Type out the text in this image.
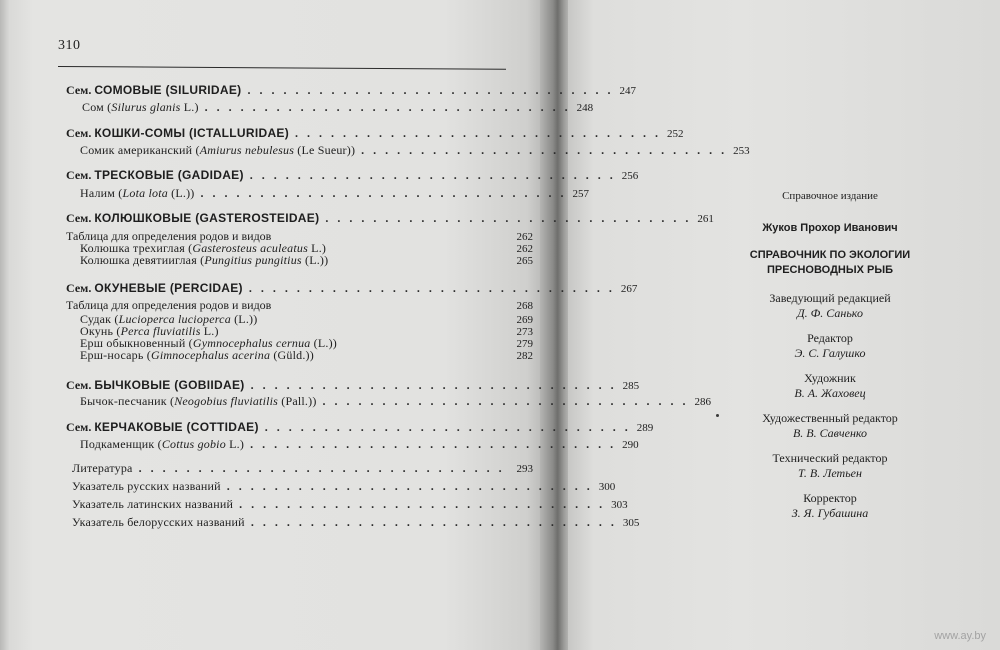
310
Сем. СОМОВЫЕ (SILURIDAE) . . . . . . . . . . . . . . . . . . . . . . . . . . . . . . . 247
Сом (Silurus glanis L.) . . . . . . . . . . . . . . . . . . . . . . . . . . . . . . . 248
Сем. КОШКИ-СОМЫ (ICTALLURIDAE) . . . . . . . . . . . . . . . . . . . . . . . . . . . . . . . 252
Сомик американский (Amiurus nebulesus (Le Sueur)) . . . . . . . . . . . . . . . . . . . . . . . . . . . . . . . 253
Сем. ТРЕСКОВЫЕ (GADIDAE) . . . . . . . . . . . . . . . . . . . . . . . . . . . . . . . 256
Налим (Lota lota (L.)) . . . . . . . . . . . . . . . . . . . . . . . . . . . . . . . 257
Сем. КОЛЮШКОВЫЕ (GASTEROSTEIDAE) . . . . . . . . . . . . . . . . . . . . . . . . . . . . . . . 261
Таблица для определения родов и видов	262
Колюшка трехиглая (Gasterosteus aculeatus L.)	262
Колюшка девятииглая (Pungitius pungitius (L.))	265
Сем. ОКУНЕВЫЕ (PERCIDAE) . . . . . . . . . . . . . . . . . . . . . . . . . . . . . . . 267
Таблица для определения родов и видов	268
Судак (Lucioperca lucioperca (L.))	269
Окунь (Perca fluviatilis L.)	273
Ерш обыкновенный (Gymnocephalus cernua (L.))	279
Ерш-носарь (Gimnocephalus acerina (Güld.))	282
Сем. БЫЧКОВЫЕ (GOBIIDAE) . . . . . . . . . . . . . . . . . . . . . . . . . . . . . . . 285
Бычок-песчаник (Neogobius fluviatilis (Pall.)) . . . . . . . . . . . . . . . . . . . . . . . . . . . . . . . 286
Сем. КЕРЧАКОВЫЕ (COTTIDAE) . . . . . . . . . . . . . . . . . . . . . . . . . . . . . . . 289
Подкаменщик (Cottus gobio L.) . . . . . . . . . . . . . . . . . . . . . . . . . . . . . . . 290
Литература . . . . . . . . . . . . . . . . . . . . . . . . . . . . . . .	293
Указатель русских названий . . . . . . . . . . . . . . . . . . . . . . . . . . . . . . . 300
Указатель латинских названий . . . . . . . . . . . . . . . . . . . . . . . . . . . . . . . 303
Указатель белорусских названий . . . . . . . . . . . . . . . . . . . . . . . . . . . . . . . 305
Справочное издание
Жуков Прохор Иванович
СПРАВОЧНИК ПО ЭКОЛОГИИ
ПРЕСНОВОДНЫХ РЫБ
Заведующий редакцией
Д. Ф. Санько
Редактор
Э. С. Галушко
Художник
В. А. Жаховец
Художественный редактор
В. В. Савченко
Технический редактор
Т. В. Летьен
Корректор
З. Я. Губашина
www.ay.by
